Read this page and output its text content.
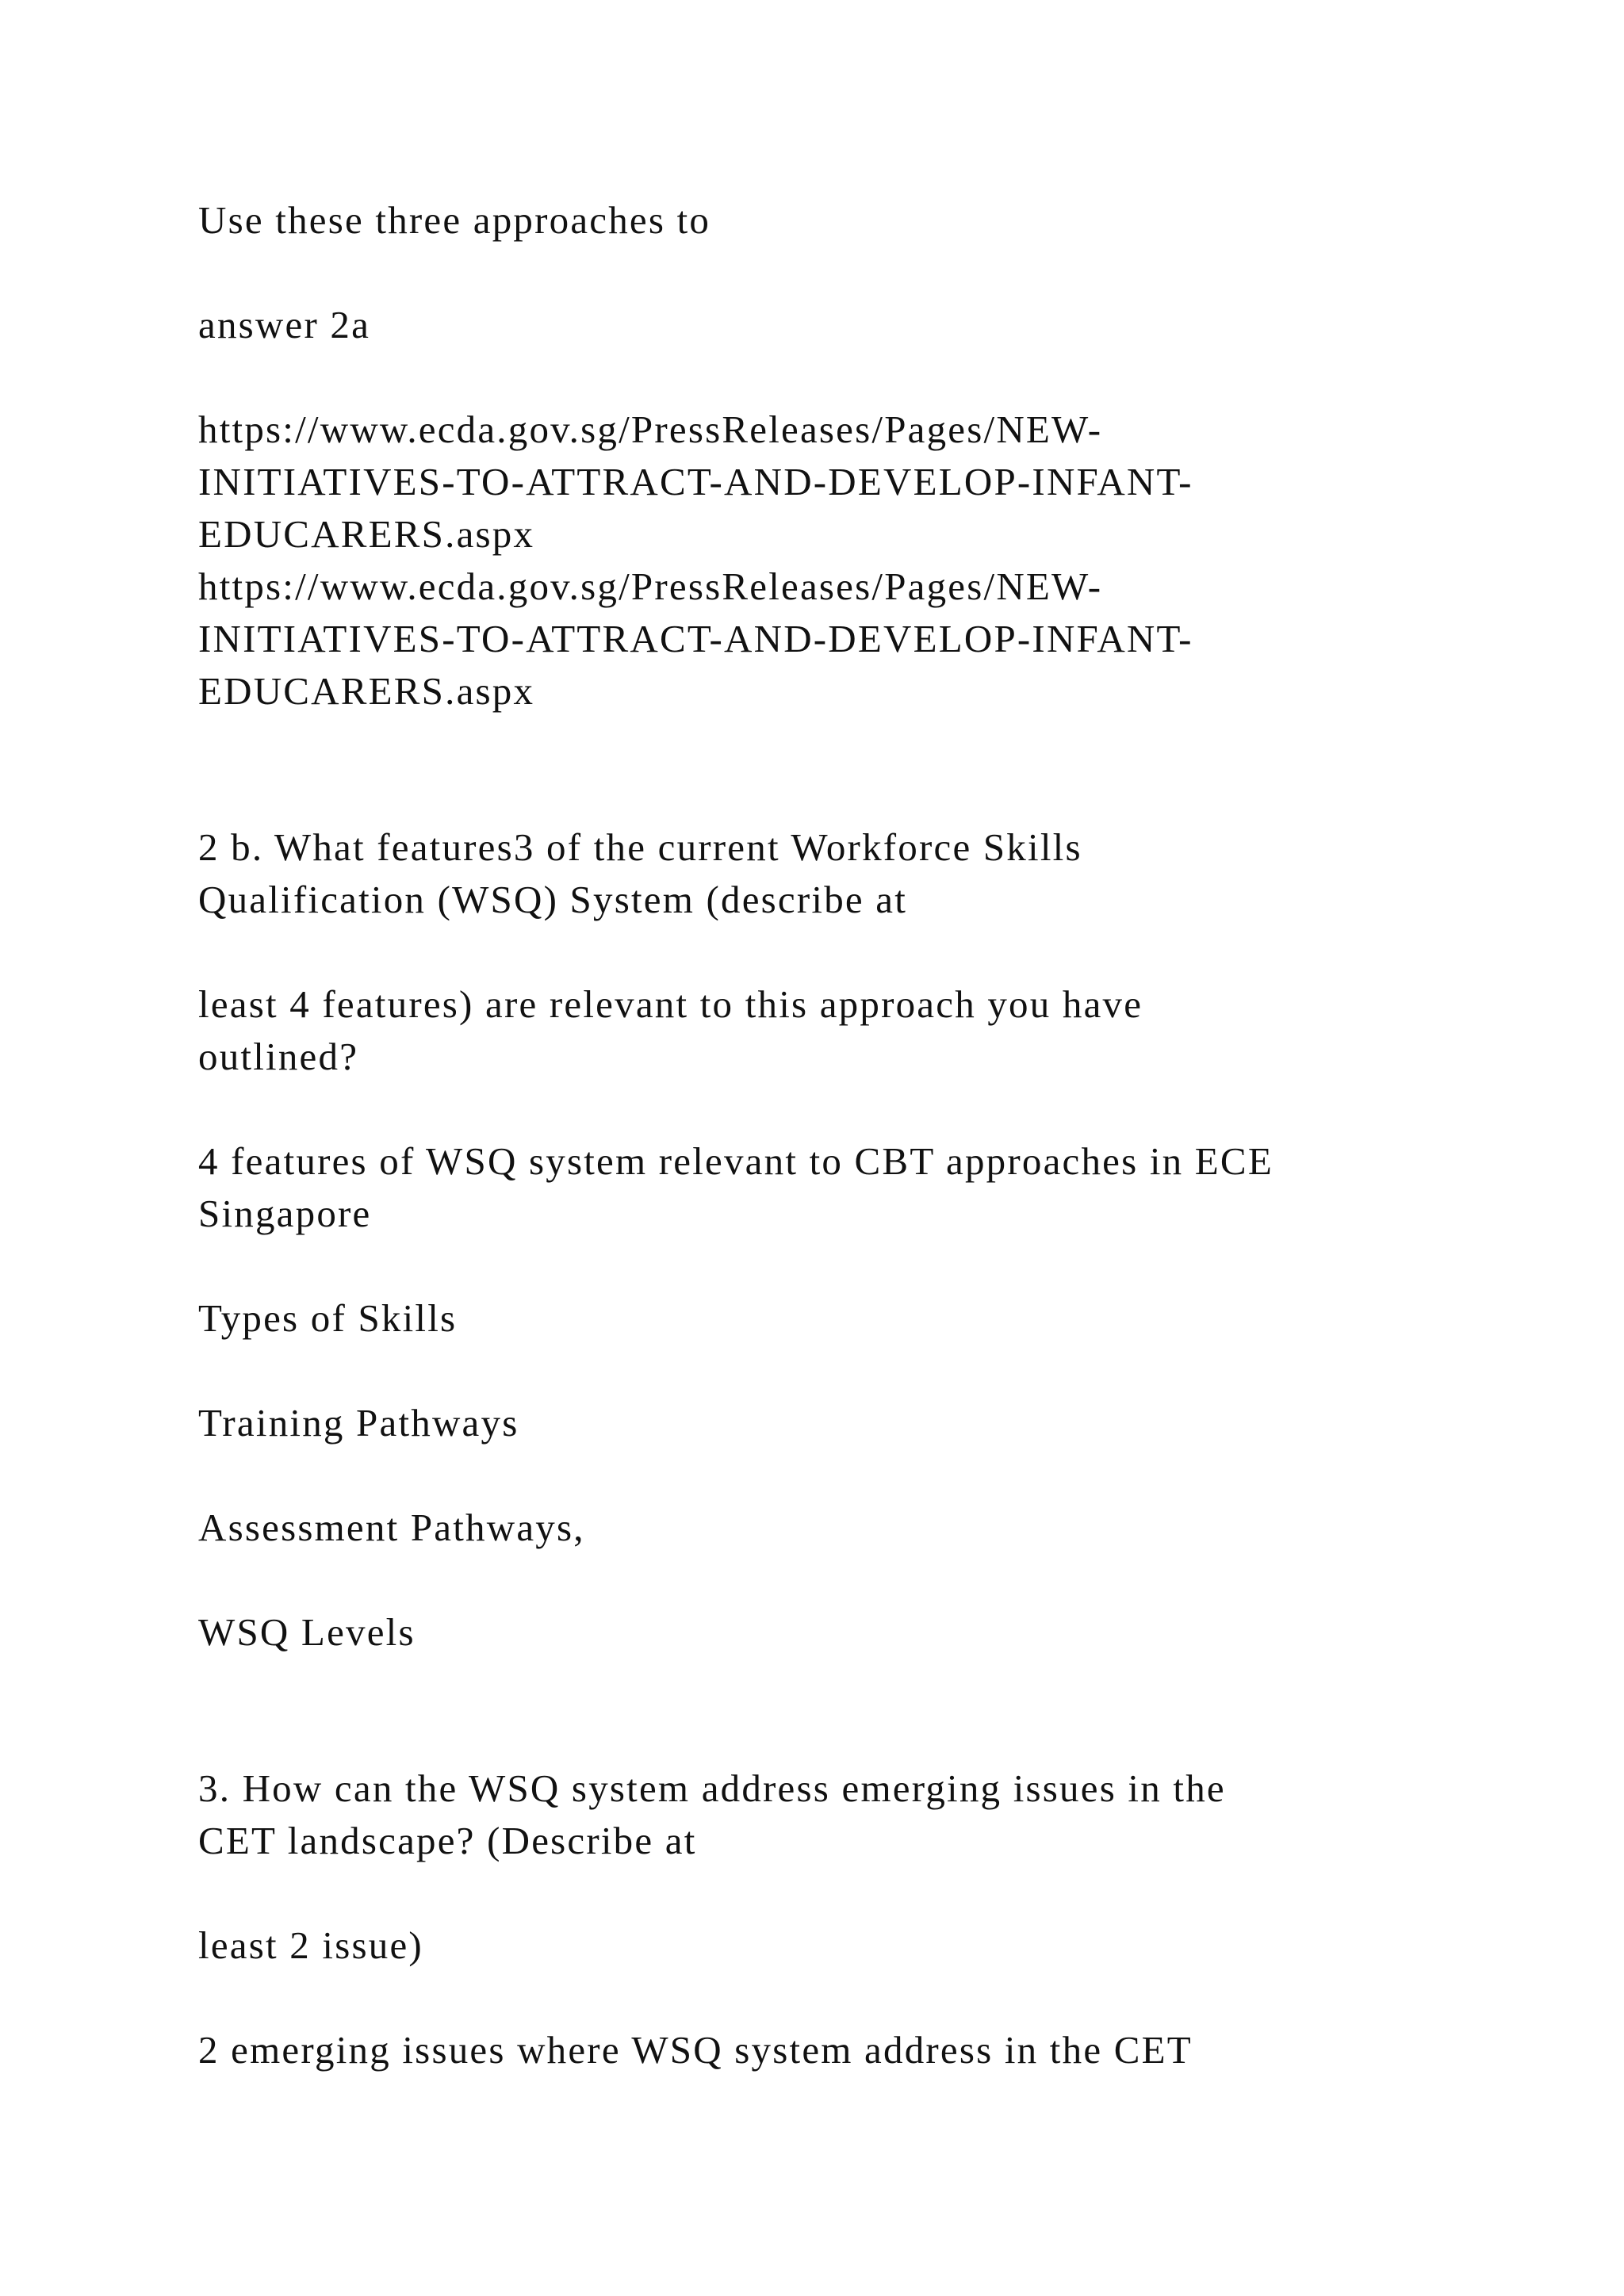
Use these three approaches to

answer 2a

https://www.ecda.gov.sg/PressReleases/Pages/NEW-
INITIATIVES-TO-ATTRACT-AND-DEVELOP-INFANT-
EDUCARERS.aspx
https://www.ecda.gov.sg/PressReleases/Pages/NEW-
INITIATIVES-TO-ATTRACT-AND-DEVELOP-INFANT-
EDUCARERS.aspx

2 b. What features3 of the current Workforce Skills
Qualification (WSQ) System (describe at

least 4 features) are relevant to this approach you have
outlined?

4 features of WSQ system relevant to CBT approaches in ECE
Singapore

Types of Skills

Training Pathways

Assessment Pathways,

WSQ Levels

3. How can the WSQ system address emerging issues in the
CET landscape? (Describe at

least 2 issue)

2 emerging issues where WSQ system address in the CET
